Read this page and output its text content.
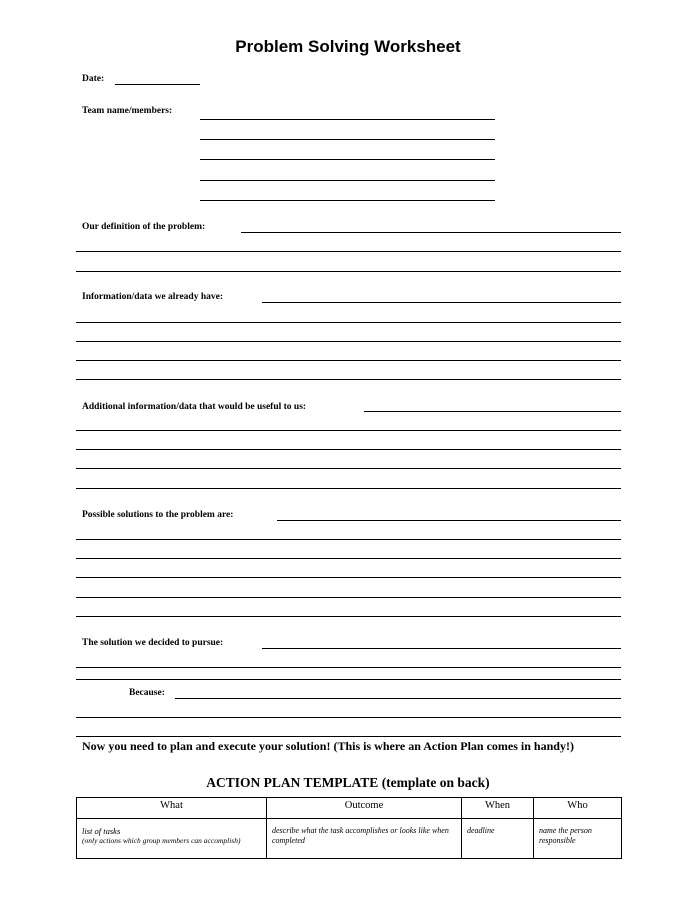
Problem Solving Worksheet
Date:
Team name/members:
Our definition of the problem:
Information/data we already have:
Additional information/data that would be useful to us:
Possible solutions to the problem are:
The solution we decided to pursue:
Because:
Now you need to plan and execute your solution! (This is where an Action Plan comes in handy!)
ACTION PLAN TEMPLATE (template on back)
What	Outcome	When	Who

list of tasks
(only actions which group members can accomplish)	describe what the task accomplishes or looks like when completed	deadline	name the person responsible
